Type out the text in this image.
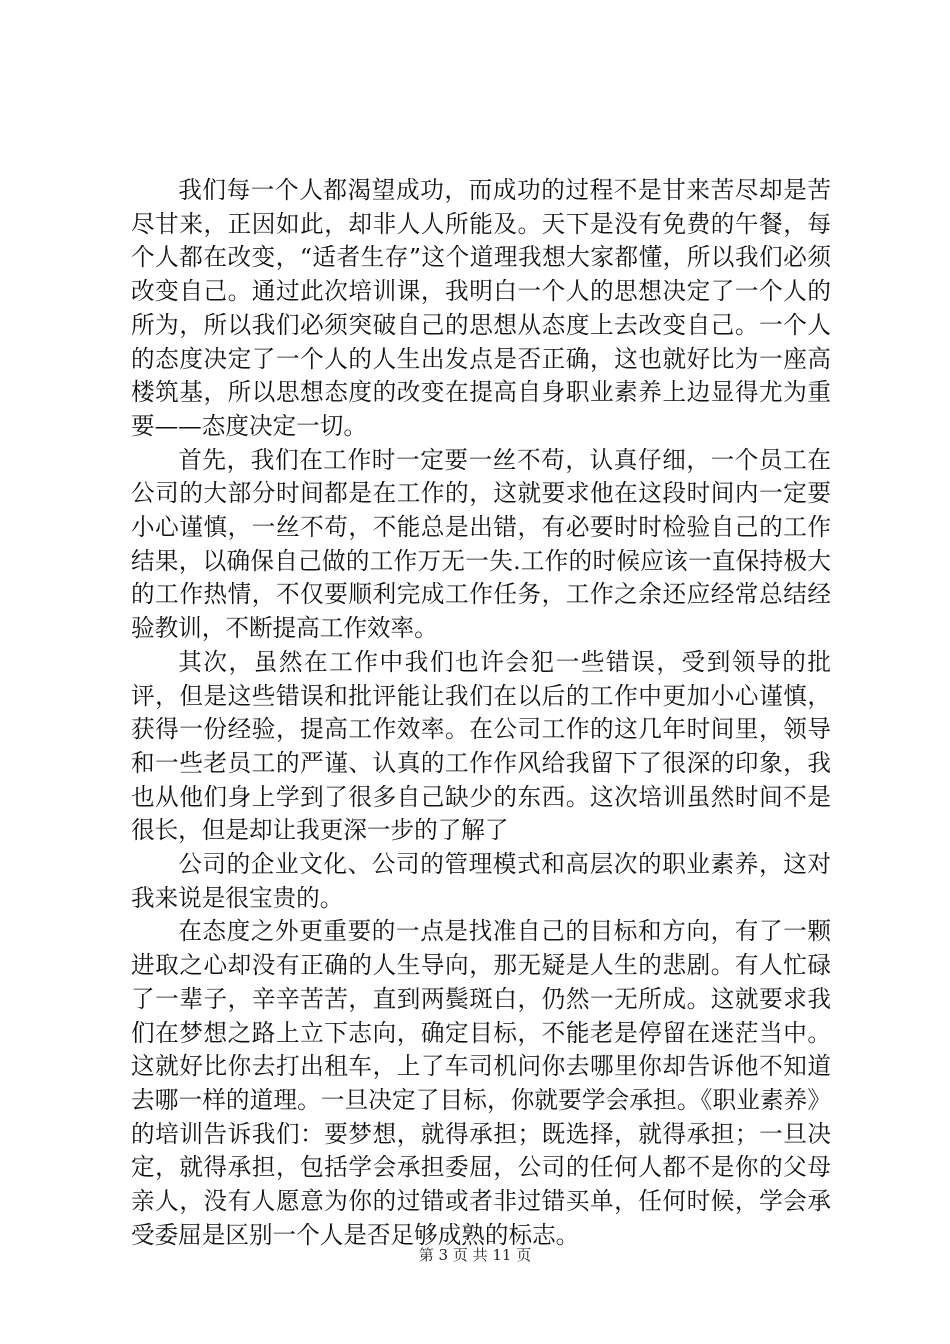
我们每一个人都渴望成功，而成功的过程不是甘来苦尽却是苦尽甘来，正因如此，却非人人所能及。天下是没有免费的午餐，每个人都在改变，“适者生存”这个道理我想大家都懂，所以我们必须改变自己。通过此次培训课，我明白一个人的思想决定了一个人的所为，所以我们必须突破自己的思想从态度上去改变自己。一个人的态度决定了一个人的人生出发点是否正确，这也就好比为一座高楼筑基，所以思想态度的改变在提高自身职业素养上边显得尤为重要——态度决定一切。

首先，我们在工作时一定要一丝不苟，认真仔细，一个员工在公司的大部分时间都是在工作的，这就要求他在这段时间内一定要小心谨慎，一丝不苟，不能总是出错，有必要时时检验自己的工作结果，以确保自己做的工作万无一失.工作的时候应该一直保持极大的工作热情，不仅要顺利完成工作任务，工作之余还应经常总结经验教训，不断提高工作效率。

其次，虽然在工作中我们也许会犯一些错误，受到领导的批评，但是这些错误和批评能让我们在以后的工作中更加小心谨慎，获得一份经验，提高工作效率。在公司工作的这几年时间里，领导和一些老员工的严谨、认真的工作作风给我留下了很深的印象，我也从他们身上学到了很多自己缺少的东西。这次培训虽然时间不是很长，但是却让我更深一步的了解了

公司的企业文化、公司的管理模式和高层次的职业素养，这对我来说是很宝贵的。

在态度之外更重要的一点是找准自己的目标和方向，有了一颗进取之心却没有正确的人生导向，那无疑是人生的悲剧。有人忙碌了一辈子，辛辛苦苦，直到两鬓斑白，仍然一无所成。这就要求我们在梦想之路上立下志向，确定目标，不能老是停留在迷茫当中。这就好比你去打出租车，上了车司机问你去哪里你却告诉他不知道去哪一样的道理。一旦决定了目标，你就要学会承担。《职业素养》的培训告诉我们：要梦想，就得承担；既选择，就得承担；一旦决定，就得承担，包括学会承担委屈，公司的任何人都不是你的父母亲人，没有人愿意为你的过错或者非过错买单，任何时候，学会承受委屈是区别一个人是否足够成熟的标志。

第 3 页 共 11 页
